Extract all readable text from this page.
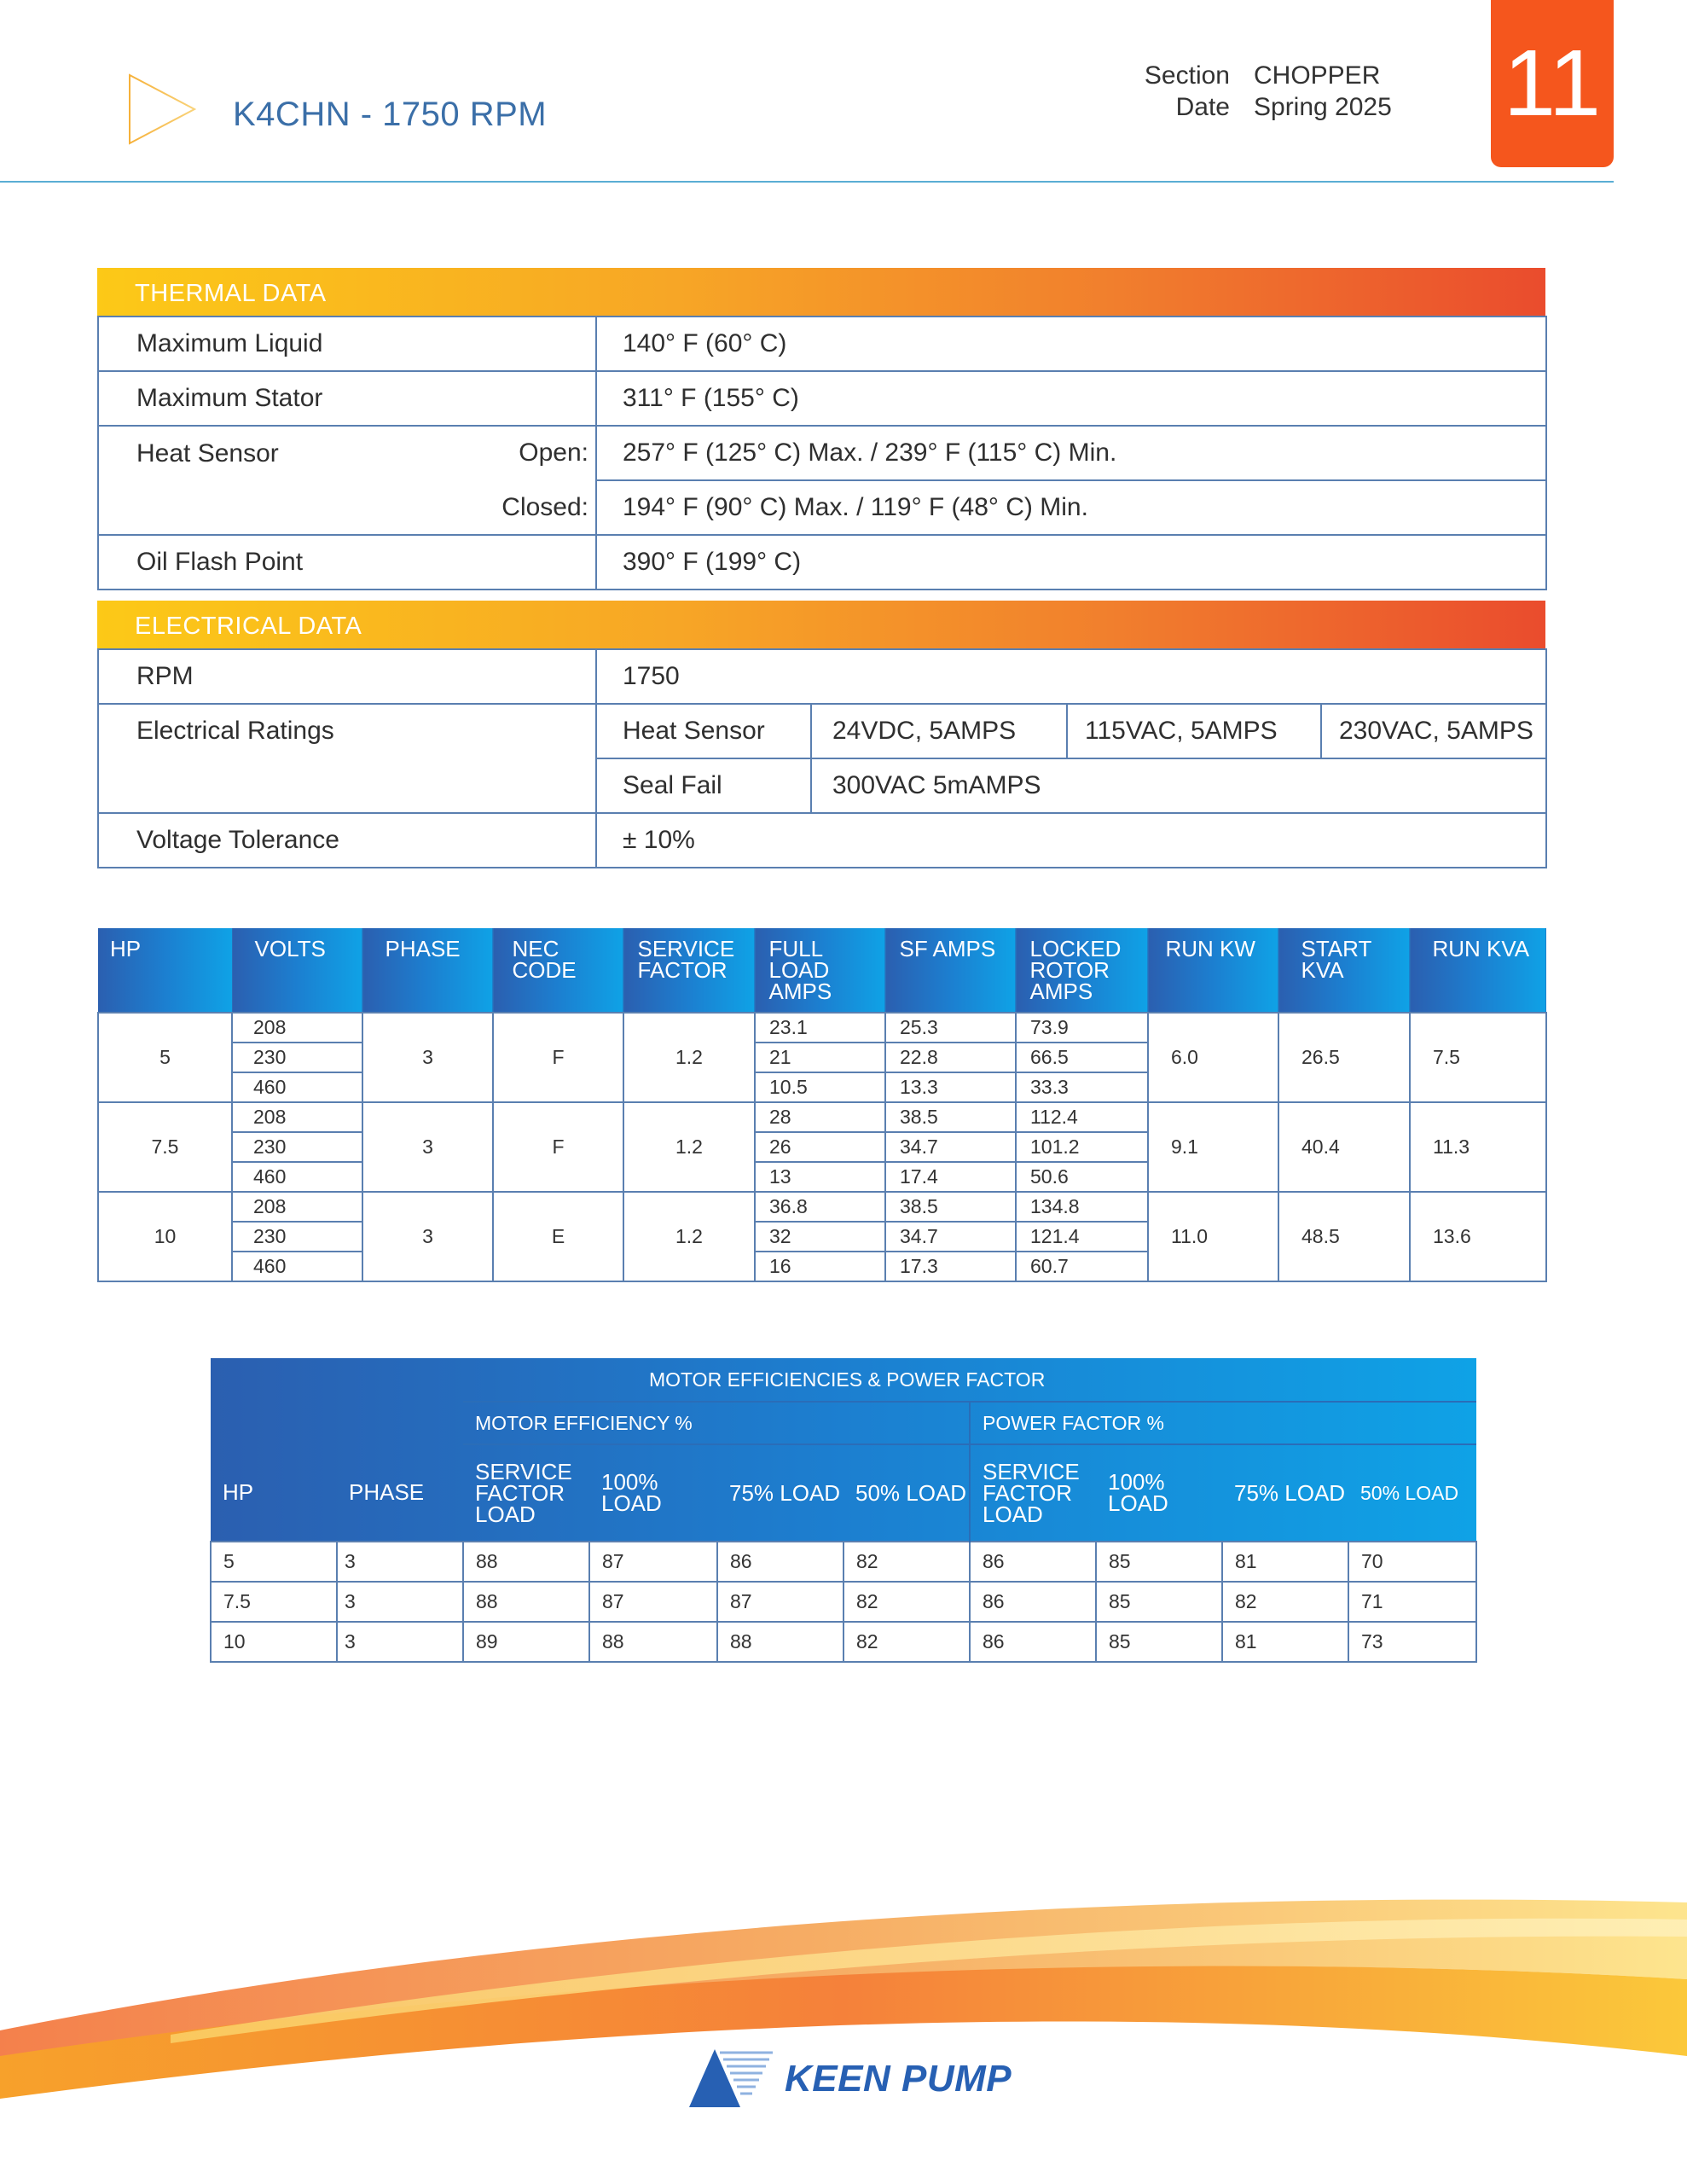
K4CHN - 1750 RPM
Section CHOPPER
Date Spring 2025 11
THERMAL DATA
Maximum Liquid	140° F (60° C)
Maximum Stator	311° F (155° C)
Heat Sensor Open:	257° F (125° C) Max. / 239° F (115° C) Min.
Closed:	194° F (90° C) Max. / 119° F (48° C) Min.
Oil Flash Point	390° F (199° C)
ELECTRICAL DATA
RPM	1750			
Electrical Ratings	Heat Sensor	24VDC, 5AMPS	115VAC, 5AMPS	230VAC, 5AMPS
	Seal Fail	300VAC 5mAMPS		
Voltage Tolerance	± 10%			
HP	VOLTS	PHASE	NEC CODE	SERVICE FACTOR	FULL LOAD AMPS	SF AMPS	LOCKED ROTOR AMPS	RUN KW	START KVA	RUN KVA
5	208	3	F	1.2	23.1	25.3	73.9	6.0	26.5	7.5
	230				21	22.8	66.5			
	460				10.5	13.3	33.3			
7.5	208	3	F	1.2	28	38.5	112.4	9.1	40.4	11.3
	230				26	34.7	101.2			
	460				13	17.4	50.6			
10	208	3	E	1.2	36.8	38.5	134.8	11.0	48.5	13.6
	230				32	34.7	121.4			
	460				16	17.3	60.7			
		MOTOR EFFICIENCIES & POWER FACTOR							
		MOTOR EFFICIENCY %				POWER FACTOR %			
HP	PHASE	SERVICE FACTOR LOAD	100% LOAD	75% LOAD	50% LOAD	SERVICE FACTOR LOAD	100% LOAD	75% LOAD	50% LOAD
5	3	88	87	86	82	86	85	81	70
7.5	3	88	87	87	82	86	85	82	71
10	3	89	88	88	82	86	85	81	73
KEEN PUMP
